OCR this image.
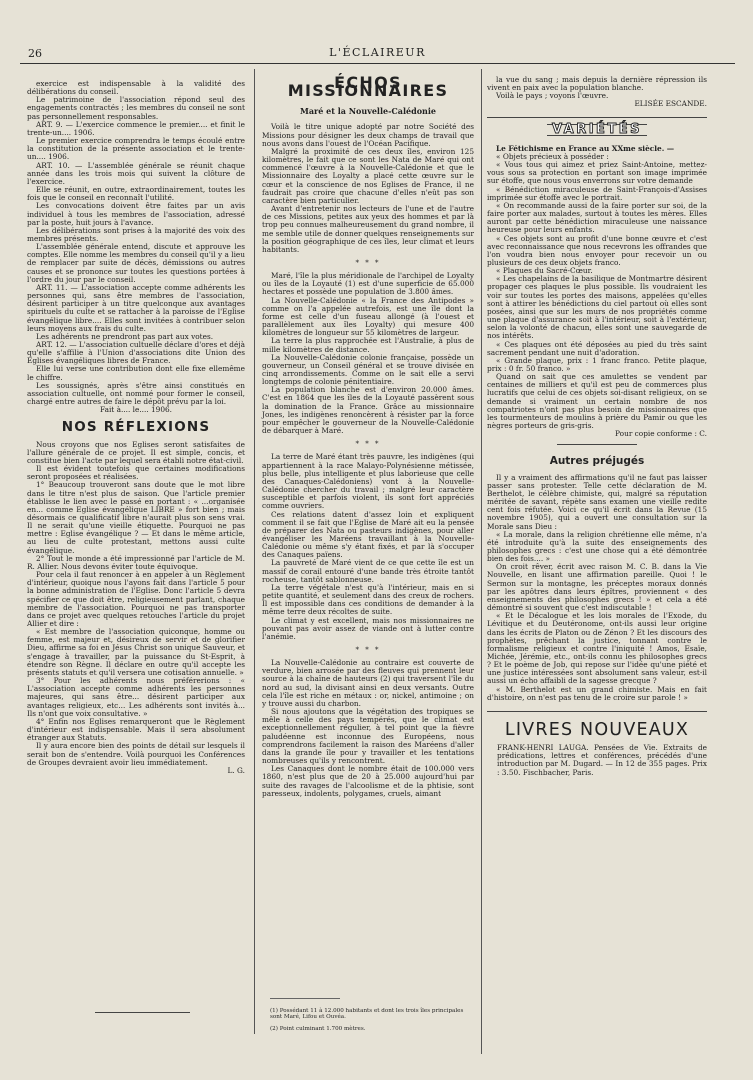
26	L'ÉCLAIREUR

exercice est indispensable à la validité des délibérations du conseil.

Le patrimoine de l'association répond seul des engagements contractés ; les membres du conseil ne sont pas personnellement responsables.

ART. 9. — L'exercice commence le premier.... et finit le trente-un.... 1906.

Le premier exercice comprendra le temps écoulé entre la constitution de la présente association et le trente-un.... 1906.

ART. 10. — L'assemblée générale se réunit chaque année dans les trois mois qui suivent la clôture de l'exercice.

Elle se réunit, en outre, extraordinairement, toutes les fois que le conseil en reconnaît l'utilité.

Les convocations doivent être faites par un avis individuel à tous les membres de l'association, adressé par la poste, huit jours à l'avance.

Les délibérations sont prises à la majorité des voix des membres présents.

L'assemblée générale entend, discute et approuve les comptes. Elle nomme les membres du conseil qu'il y a lieu de remplacer par suite de décès, démissions ou autres causes et se prononce sur toutes les questions portées à l'ordre du jour par le conseil.

ART. 11. — L'association accepte comme adhérents les personnes qui, sans être membres de l'association, désirent participer à un titre quelconque aux avantages spirituels du culte et se rattacher à la paroisse de l'Eglise évangélique libre.... Elles sont invitées à contribuer selon leurs moyens aux frais du culte.

Les adhérents ne prendront pas part aux votes.

ART. 12. — L'association cultuelle déclare d'ores et déjà qu'elle s'affilie à l'Union d'associations dite Union des Eglises évangéliques libres de France.

Elle lui verse une contribution dont elle fixe ellemême le chiffre.

Les soussignés, après s'être ainsi constitués en association cultuelle, ont nommé pour former le conseil, chargé entre autres de faire le dépôt prévu par la loi.

Fait à.... le.... 1906.

NOS RÉFLEXIONS

Nous croyons que nos Eglises seront satisfaites de l'allure générale de ce projet. Il est simple, concis, et constitue bien l'acte par lequel sera établi notre état-civil.

Il est évident toutefois que certaines modifications seront proposées et réalisées.

1° Beaucoup trouveront sans doute que le mot libre dans le titre n'est plus de saison. Que l'article premier établisse le lien avec le passé en portant : « ...organisée en... comme Eglise évangélique LIBRE » fort bien ; mais désormais ce qualificatif libre n'aurait plus son sens vrai. Il ne serait qu'une vieille étiquette. Pourquoi ne pas mettre : Eglise évangélique ? — Et dans le même article, au lieu de culte protestant, mettons aussi culte évangélique.

2° Tout le monde a été impressionné par l'article de M. R. Allier. Nous devons éviter toute équivoque.

Pour cela il faut renoncer à en appeler à un Règlement d'intérieur, quoique nous l'ayons fait dans l'article 5 pour la bonne administration de l'Eglise. Donc l'article 5 devra spécifier ce que doit être, religieusement parlant, chaque membre de l'association. Pourquoi ne pas transporter dans ce projet avec quelques retouches l'article du projet Allier et dire :

« Est membre de l'association quiconque, homme ou femme, est majeur et, désireux de servir et de glorifier Dieu, affirme sa foi en Jésus Christ son unique Sauveur, et s'engage à travailler, par la puissance du St-Esprit, à étendre son Règne. Il déclare en outre qu'il accepte les présents statuts et qu'il versera une cotisation annuelle. »

3° Pour les adhérents nous préférerions : « L'association accepte comme adhérents les personnes majeures, qui sans être... désirent participer aux avantages religieux, etc... Les adhérents sont invités à... Ils n'ont que voix consultative. »

4° Enfin nos Eglises remarqueront que le Règlement d'intérieur est indispensable. Mais il sera absolument étranger aux Statuts.

Il y aura encore bien des points de détail sur lesquels il serait bon de s'entendre. Voilà pourquoi les Conférences de Groupes devraient avoir lieu immédiatement.

L. G.

ÉCHOS MISSIONNAIRES
Maré et la Nouvelle-Calédonie

Voilà le titre unique adopté par notre Société des Missions pour désigner les deux champs de travail que nous avons dans l'ouest de l'Océan Pacifique.

Malgré la proximité de ces deux îles, environ 125 kilomètres, le fait que ce sont les Nata de Maré qui ont commencé l'œuvre à la Nouvelle-Calédonie et que le Missionnaire des Loyalty a placé cette œuvre sur le cœur et la conscience de nos Eglises de France, il ne faudrait pas croire que chacune d'elles n'eût pas son caractère bien particulier.

Avant d'entretenir nos lecteurs de l'une et de l'autre de ces Missions, petites aux yeux des hommes et par là trop peu connues malheureusement du grand nombre, il me semble utile de donner quelques renseignements sur la position géographique de ces îles, leur climat et leurs habitants.

* * *

Maré, l'île la plus méridionale de l'archipel de Loyalty ou îles de la Loyauté (1) est d'une superficie de 65.000 hectares et possède une population de 3.800 âmes.

La Nouvelle-Calédonie « la France des Antipodes » comme on l'a appelée autrefois, est une île dont la forme est celle d'un fuseau allongé (à l'ouest et parallèlement aux îles Loyalty) qui mesure 400 kilomètres de longueur sur 55 kilomètres de largeur.

La terre la plus rapprochée est l'Australie, à plus de mille kilomètres de distance.

La Nouvelle-Calédonie colonie française, possède un gouverneur, un Conseil général et se trouve divisée en cinq arrondissements. Comme on le sait elle a servi longtemps de colonie pénitentiaire.

La population blanche est d'environ 20.000 âmes. C'est en 1864 que les îles de la Loyauté passèrent sous la domination de la France. Grâce au missionnaire Jones, les indigènes renoncèrent à résister par la force pour empêcher le gouverneur de la Nouvelle-Calédonie de débarquer à Maré.

* * *

La terre de Maré étant très pauvre, les indigènes (qui appartiennent à la race Malayo-Polynésienne métissée, plus belle, plus intelligente et plus laborieuse que celle des Canaques-Calédoniens) vont à la Nouvelle-Calédonie chercher du travail ; malgré leur caractère susceptible et parfois violent, ils sont fort appréciés comme ouvriers.

Ces relations datent d'assez loin et expliquent comment il se fait que l'Eglise de Maré ait eu la pensée de préparer des Nata ou pasteurs indigènes, pour aller évangéliser les Maréens travaillant à la Nouvelle-Calédonie ou même s'y étant fixés, et par là s'occuper des Canaques païens.

La pauvreté de Maré vient de ce que cette île est un massif de corail entouré d'une bande très étroite tantôt rocheuse, tantôt sablonneuse.

La terre végétale n'est qu'à l'intérieur, mais en si petite quantité, et seulement dans des creux de rochers. Il est impossible dans ces conditions de demander à la même terre deux récoltes de suite.

Le climat y est excellent, mais nos missionnaires ne pouvant pas avoir assez de viande ont à lutter contre l'anémie.

* * *

La Nouvelle-Calédonie au contraire est couverte de verdure, bien arrosée par des fleuves qui prennent leur source à la chaîne de hauteurs (2) qui traversent l'île du nord au sud, la divisant ainsi en deux versants. Outre cela l'île est riche en métaux : or, nickel, antimoine ; on y trouve aussi du charbon.

Si nous ajoutons que la végétation des tropiques se mêle à celle des pays tempérés, que le climat est exceptionnellement régulier, à tel point que la fièvre paludéenne est inconnue des Européens, nous comprendrons facilement la raison des Maréens d'aller dans la grande île pour y travailler et les tentations nombreuses qu'ils y rencontrent.

Les Canaques dont le nombre était de 100.000 vers 1860, n'est plus que de 20 à 25.000 aujourd'hui par suite des ravages de l'alcoolisme et de la phtisie, sont paresseux, indolents, polygames, cruels, aimant

(1) Possédant 11 à 12.000 habitants et dont les trois îles principales sont Maré, Lifou et Ouvéa.

(2) Point culminant 1.700 mètres.

la vue du sang ; mais depuis la dernière répression ils vivent en paix avec la population blanche.

Voilà le pays ; voyons l'œuvre.

ELISÉE ESCANDE.

VARIÉTÉS

Le Fétichisme en France au XXme siècle. —

« Objets précieux à posséder :

« Vous tous qui aimez et priez Saint-Antoine, mettez-vous sous sa protection en portant son image imprimée sur étoffe, que nous vous enverrons sur votre demande

« Bénédiction miraculeuse de Saint-François-d'Assises imprimée sur étoffe avec le portrait.

« On recommande aussi de la faire porter sur soi, de la faire porter aux malades, surtout à toutes les mères. Elles auront par cette bénédiction miraculeuse une naissance heureuse pour leurs enfants.

« Ces objets sont au profit d'une bonne œuvre et c'est avec reconnaissance que nous recevrons les offrandes que l'on voudra bien nous envoyer pour recevoir un ou plusieurs de ces deux objets franco.

« Plaques du Sacré-Cœur.

« Les chapelains de la basilique de Montmartre désirent propager ces plaques le plus possible. Ils voudraient les voir sur toutes les portes des maisons, appelées qu'elles sont à attirer les bénédictions du ciel partout où elles sont posées, ainsi que sur les murs de nos propriétés comme une plaque d'assurance soit à l'intérieur, soit à l'extérieur, selon la volonté de chacun, elles sont une sauvegarde de nos intérêts.

« Ces plaques ont été déposées au pied du très saint sacrement pendant une nuit d'adoration.

« Grande plaque, prix : 1 franc franco. Petite plaque, prix : 0 fr. 50 franco. »

Quand on sait que ces amulettes se vendent par centaines de milliers et qu'il est peu de commerces plus lucratifs que celui de ces objets soi-disant religieux, on se demande si vraiment un certain nombre de nos compatriotes n'ont pas plus besoin de missionnaires que les tourmenteurs de moulins à prière du Pamir ou que les nègres porteurs de gris-gris.

Pour copie conforme : C.

Autres préjugés

Il y a vraiment des affirmations qu'il ne faut pas laisser passer sans protester. Telle cette déclaration de M. Berthelot, le célèbre chimiste, qui, malgré sa réputation méritée de savant, répète sans examen une vieille redite cent fois réfutée. Voici ce qu'il écrit dans la Revue (15 novembre 1905), qui a ouvert une consultation sur la Morale sans Dieu :

« La morale, dans la religion chrétienne elle même, n'a été introduite qu'à la suite des enseignements des philosophes grecs : c'est une chose qui a été démontrée bien des fois.... »

On croit rêver, écrit avec raison M. C. B. dans la Vie Nouvelle, en lisant une affirmation pareille. Quoi ! le Sermon sur la montagne, les préceptes moraux donnés par les apôtres dans leurs épîtres, proviennent « des enseignements des philosophes grecs ! » et cela a été démontré si souvent que c'est indiscutable !

« Et le Décalogue et les lois morales de l'Exode, du Lévitique et du Deutéronome, ont-ils aussi leur origine dans les écrits de Platon ou de Zénon ? Et les discours des prophètes, prêchant la justice, tonnant contre le formalisme religieux et contre l'iniquité ! Amos, Esaïe, Michée, Jérémie, etc., ont-ils connu les philosophes grecs ? Et le poème de Job, qui repose sur l'idée qu'une piété et une justice intéressées sont absolument sans valeur, est-il aussi un écho affaibli de la sagesse grecque ?

« M. Berthelot est un grand chimiste. Mais en fait d'histoire, on n'est pas tenu de le croire sur parole ! »

LIVRES NOUVEAUX

FRANK-HENRI LAUGA. Pensées de Vie. Extraits de prédications, lettres et conférences, précédés d'une introduction par M. Dugard. — In 12 de 355 pages. Prix : 3.50. Fischbacher, Paris.
